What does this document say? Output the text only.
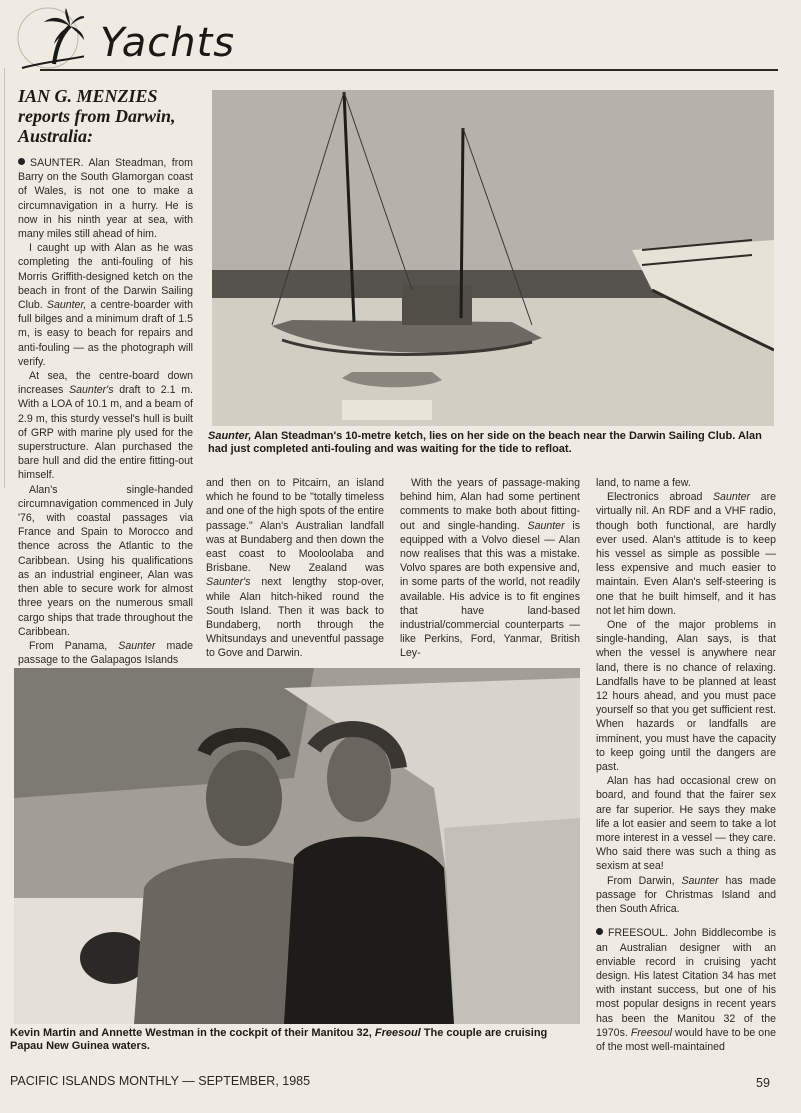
Yachts
IAN G. MENZIES reports from Darwin, Australia:
Saunter, Alan Steadman's 10-metre ketch, lies on her side on the beach near the Darwin Sailing Club. Alan had just completed anti-fouling and was waiting for the tide to refloat.

SAUNTER. Alan Steadman, from Barry on the South Glamorgan coast of Wales, is not one to make a circumnavigation in a hurry. He is now in his ninth year at sea, with many miles still ahead of him.

I caught up with Alan as he was completing the anti-fouling of his Morris Griffith-designed ketch on the beach in front of the Darwin Sailing Club. Saunter, a centre-boarder with full bilges and a minimum draft of 1.5 m, is easy to beach for repairs and anti-fouling — as the photograph will verify.

At sea, the centre-board down increases Saunter's draft to 2.1 m. With a LOA of 10.1 m, and a beam of 2.9 m, this sturdy vessel's hull is built of GRP with marine ply used for the superstructure. Alan purchased the bare hull and did the entire fitting-out himself.

Alan's single-handed circumnavigation commenced in July '76, with coastal passages via France and Spain to Morocco and thence across the Atlantic to the Caribbean. Using his qualifications as an industrial engineer, Alan was then able to secure work for almost three years on the numerous small cargo ships that trade throughout the Caribbean.

From Panama, Saunter made passage to the Galapagos Islands

and then on to Pitcairn, an island which he found to be "totally timeless and one of the high spots of the entire passage." Alan's Australian landfall was at Bundaberg and then down the east coast to Mooloolaba and Brisbane. New Zealand was Saunter's next lengthy stop-over, while Alan hitch-hiked round the South Island. Then it was back to Bundaberg, north through the Whitsundays and uneventful passage to Gove and Darwin.

With the years of passage-making behind him, Alan had some pertinent comments to make both about fitting-out and single-handing. Saunter is equipped with a Volvo diesel — Alan now realises that this was a mistake. Volvo spares are both expensive and, in some parts of the world, not readily available. His advice is to fit engines that have land-based industrial/commercial counterparts — like Perkins, Ford, Yanmar, British Ley-

land, to name a few.

Electronics abroad Saunter are virtually nil. An RDF and a VHF radio, though both functional, are hardly ever used. Alan's attitude is to keep his vessel as simple as possible — less expensive and much easier to maintain. Even Alan's self-steering is one that he built himself, and it has not let him down.

One of the major problems in single-handing, Alan says, is that when the vessel is anywhere near land, there is no chance of relaxing. Landfalls have to be planned at least 12 hours ahead, and you must pace yourself so that you get sufficient rest. When hazards or landfalls are imminent, you must have the capacity to keep going until the dangers are past.

Alan has had occasional crew on board, and found that the fairer sex are far superior. He says they make life a lot easier and seem to take a lot more interest in a vessel — they care. Who said there was such a thing as sexism at sea!

From Darwin, Saunter has made passage for Christmas Island and then South Africa.

FREESOUL. John Biddlecombe is an Australian designer with an enviable record in cruising yacht design. His latest Citation 34 has met with instant success, but one of his most popular designs in recent years has been the Manitou 32 of the 1970s. Freesoul would have to be one of the most well-maintained

Kevin Martin and Annette Westman in the cockpit of their Manitou 32, Freesoul The couple are cruising Papau New Guinea waters.
PACIFIC ISLANDS MONTHLY — SEPTEMBER, 1985	59
